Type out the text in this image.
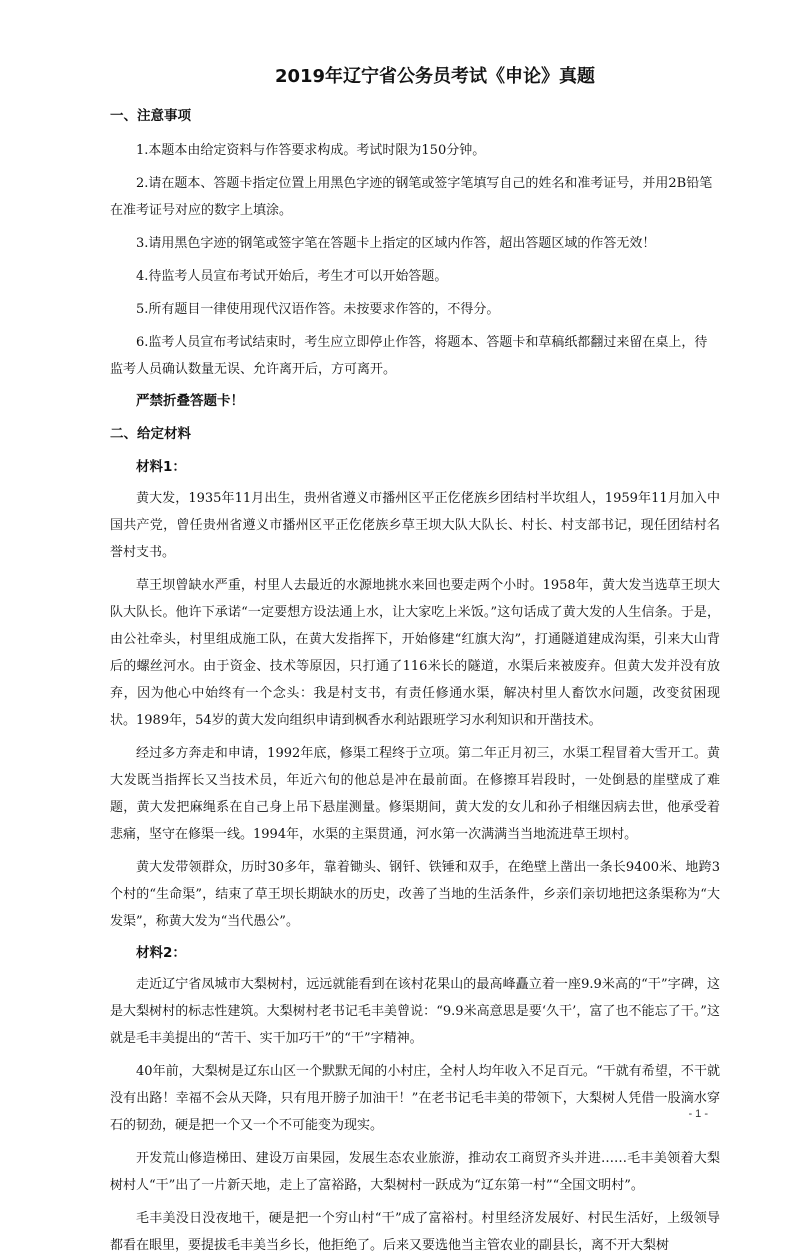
2019年辽宁省公务员考试《申论》真题
一、注意事项

1.本题本由给定资料与作答要求构成。考试时限为150分钟。

2.请在题本、答题卡指定位置上用黑色字迹的钢笔或签字笔填写自己的姓名和准考证号，并用2B铅笔在准考证号对应的数字上填涂。

3.请用黑色字迹的钢笔或签字笔在答题卡上指定的区域内作答，超出答题区域的作答无效！

4.待监考人员宣布考试开始后，考生才可以开始答题。

5.所有题目一律使用现代汉语作答。未按要求作答的，不得分。

6.监考人员宣布考试结束时，考生应立即停止作答，将题本、答题卡和草稿纸都翻过来留在桌上，待监考人员确认数量无误、允许离开后，方可离开。

严禁折叠答题卡！
二、给定材料
材料1：

黄大发，1935年11月出生，贵州省遵义市播州区平正仡佬族乡团结村半坎组人，1959年11月加入中国共产党，曾任贵州省遵义市播州区平正仡佬族乡草王坝大队大队长、村长、村支部书记，现任团结村名誉村支书。

草王坝曾缺水严重，村里人去最近的水源地挑水来回也要走两个小时。1958年，黄大发当选草王坝大队大队长。他许下承诺“一定要想方设法通上水，让大家吃上米饭。”这句话成了黄大发的人生信条。于是，由公社牵头，村里组成施工队，在黄大发指挥下，开始修建“红旗大沟”，打通隧道建成沟渠，引来大山背后的螺丝河水。由于资金、技术等原因，只打通了116米长的隧道，水渠后来被废弃。但黄大发并没有放弃，因为他心中始终有一个念头：我是村支书，有责任修通水渠，解决村里人畜饮水问题，改变贫困现状。1989年，54岁的黄大发向组织申请到枫香水利站跟班学习水利知识和开凿技术。

经过多方奔走和申请，1992年底，修渠工程终于立项。第二年正月初三，水渠工程冒着大雪开工。黄大发既当指挥长又当技术员，年近六旬的他总是冲在最前面。在修擦耳岩段时，一处倒悬的崖壁成了难题，黄大发把麻绳系在自己身上吊下悬崖测量。修渠期间，黄大发的女儿和孙子相继因病去世，他承受着悲痛，坚守在修渠一线。1994年，水渠的主渠贯通，河水第一次满满当当地流进草王坝村。

黄大发带领群众，历时30多年，靠着锄头、钢钎、铁锤和双手，在绝壁上凿出一条长9400米、地跨3个村的“生命渠”，结束了草王坝长期缺水的历史，改善了当地的生活条件，乡亲们亲切地把这条渠称为“大发渠”，称黄大发为“当代愚公”。

材料2：

走近辽宁省凤城市大梨树村，远远就能看到在该村花果山的最高峰矗立着一座9.9米高的“干”字碑，这是大梨树村的标志性建筑。大梨树村老书记毛丰美曾说：“9.9米高意思是要‘久干’，富了也不能忘了干。”这就是毛丰美提出的“苦干、实干加巧干”的“干”字精神。

40年前，大梨树是辽东山区一个默默无闻的小村庄，全村人均年收入不足百元。“干就有希望，不干就没有出路！幸福不会从天降，只有甩开膀子加油干！”在老书记毛丰美的带领下，大梨树人凭借一股滴水穿石的韧劲，硬是把一个又一个不可能变为现实。

开发荒山修造梯田、建设万亩果园，发展生态农业旅游，推动农工商贸齐头并进……毛丰美领着大梨树村人“干”出了一片新天地，走上了富裕路，大梨树村一跃成为“辽东第一村”“全国文明村”。

毛丰美没日没夜地干，硬是把一个穷山村“干”成了富裕村。村里经济发展好、村民生活好，上级领导都看在眼里，要提拔毛丰美当乡长，他拒绝了。后来又要选他当主管农业的副县长，离不开大梨树

- 1 -
